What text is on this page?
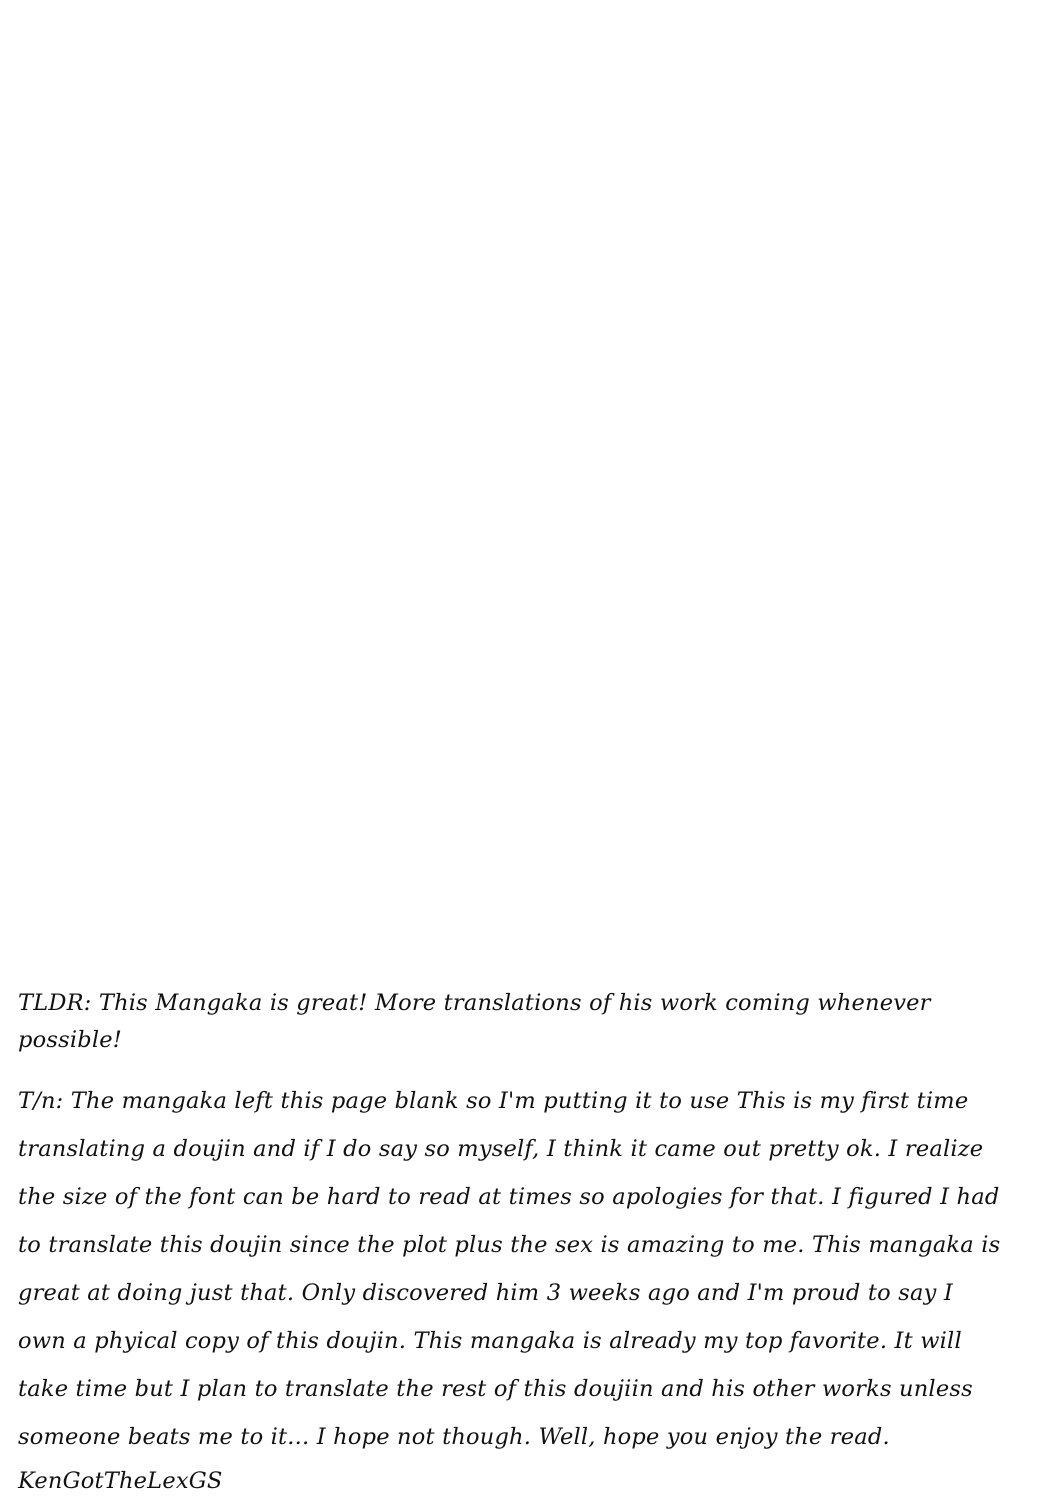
TLDR: This Mangaka is great! More translations of his work coming whenever possible!

T/n: The mangaka left this page blank so I'm putting it to use This is my first time translating a doujin and if I do say so myself, I think it came out pretty ok. I realize the size of the font can be hard to read at times so apologies for that. I figured I had to translate this doujin since the plot plus the sex is amazing to me. This mangaka is great at doing just that. Only discovered him 3 weeks ago and I'm proud to say I own a phyical copy of this doujin. This mangaka is already my top favorite. It will take time but I plan to translate the rest of this doujiin and his other works unless someone beats me to it... I hope not though. Well, hope you enjoy the read.

KenGotTheLexGS
